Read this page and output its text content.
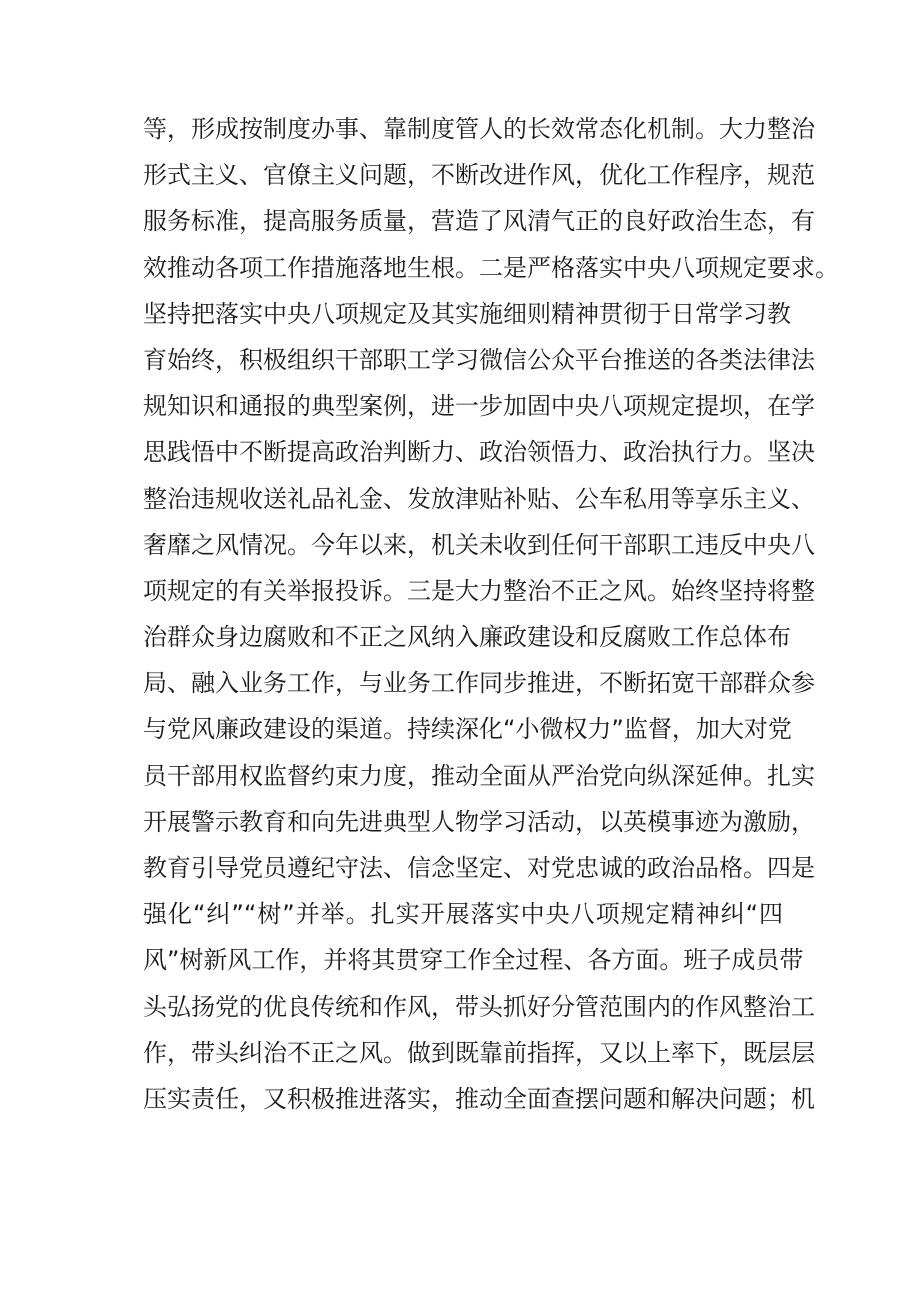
等，形成按制度办事、靠制度管人的长效常态化机制。大力整治
形式主义、官僚主义问题，不断改进作风，优化工作程序，规范
服务标准，提高服务质量，营造了风清气正的良好政治生态，有
效推动各项工作措施落地生根。二是严格落实中央八项规定要求。
坚持把落实中央八项规定及其实施细则精神贯彻于日常学习教
育始终，积极组织干部职工学习微信公众平台推送的各类法律法
规知识和通报的典型案例，进一步加固中央八项规定提坝，在学
思践悟中不断提高政治判断力、政治领悟力、政治执行力。坚决
整治违规收送礼品礼金、发放津贴补贴、公车私用等享乐主义、
奢靡之风情况。今年以来，机关未收到任何干部职工违反中央八
项规定的有关举报投诉。三是大力整治不正之风。始终坚持将整
治群众身边腐败和不正之风纳入廉政建设和反腐败工作总体布
局、融入业务工作，与业务工作同步推进，不断拓宽干部群众参
与党风廉政建设的渠道。持续深化“小微权力”监督，加大对党
员干部用权监督约束力度，推动全面从严治党向纵深延伸。扎实
开展警示教育和向先进典型人物学习活动，以英模事迹为激励，
教育引导党员遵纪守法、信念坚定、对党忠诚的政治品格。四是
强化“纠”“树”并举。扎实开展落实中央八项规定精神纠“四
风”树新风工作，并将其贯穿工作全过程、各方面。班子成员带
头弘扬党的优良传统和作风，带头抓好分管范围内的作风整治工
作，带头纠治不正之风。做到既靠前指挥，又以上率下，既层层
压实责任，又积极推进落实，推动全面查摆问题和解决问题；机
